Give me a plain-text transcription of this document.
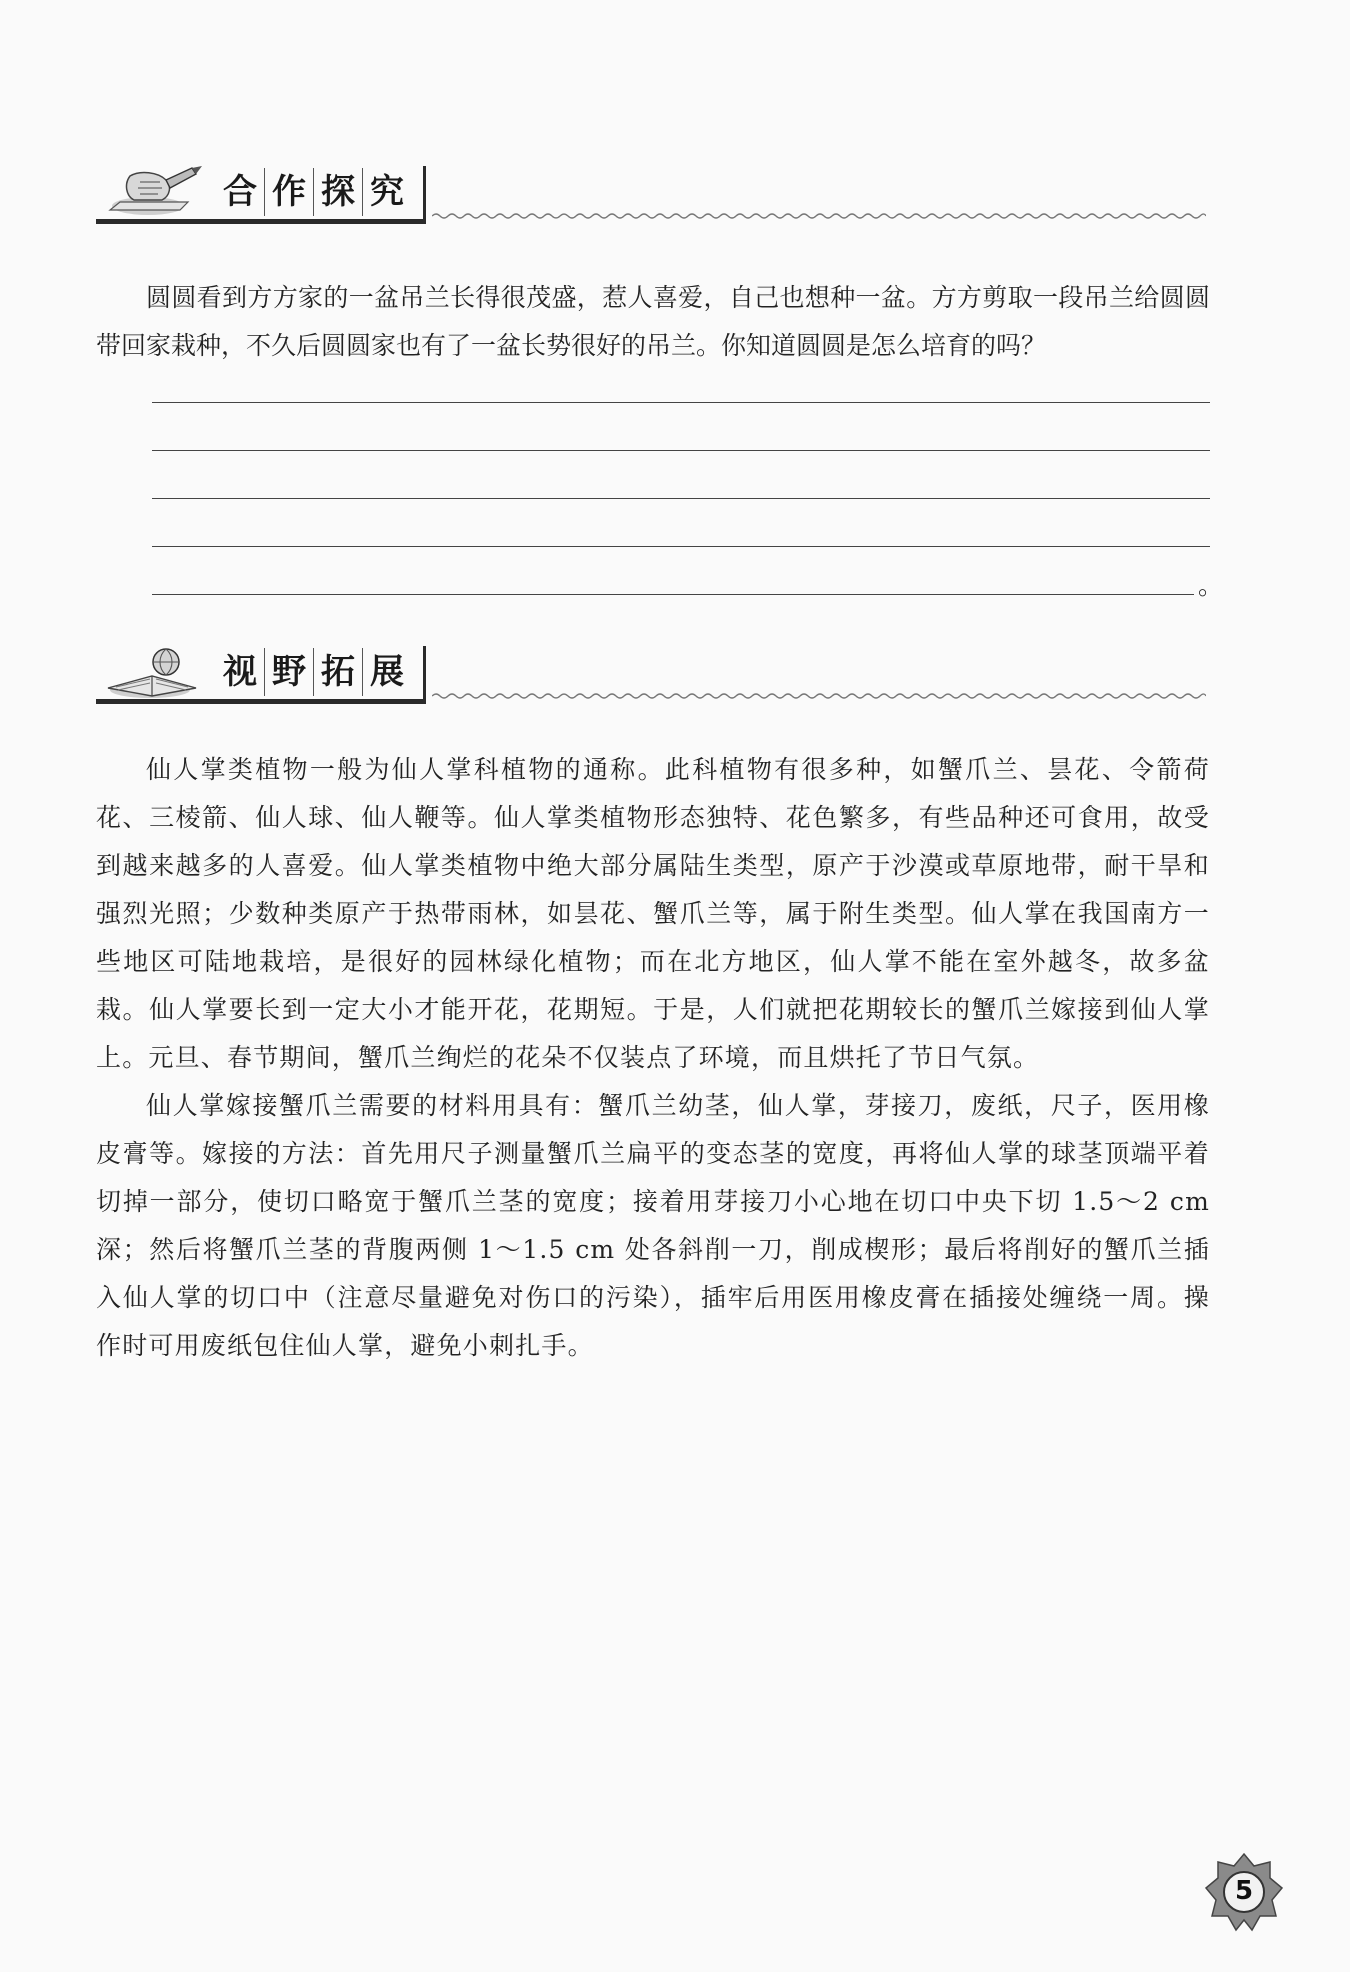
合 作 探 究

圆圆看到方方家的一盆吊兰长得很茂盛，惹人喜爱，自己也想种一盆。方方剪取一段吊兰给圆圆带回家栽种，不久后圆圆家也有了一盆长势很好的吊兰。你知道圆圆是怎么培育的吗？

。
视 野 拓 展

仙人掌类植物一般为仙人掌科植物的通称。此科植物有很多种，如蟹爪兰、昙花、令箭荷花、三棱箭、仙人球、仙人鞭等。仙人掌类植物形态独特、花色繁多，有些品种还可食用，故受到越来越多的人喜爱。仙人掌类植物中绝大部分属陆生类型，原产于沙漠或草原地带，耐干旱和强烈光照；少数种类原产于热带雨林，如昙花、蟹爪兰等，属于附生类型。仙人掌在我国南方一些地区可陆地栽培，是很好的园林绿化植物；而在北方地区，仙人掌不能在室外越冬，故多盆栽。仙人掌要长到一定大小才能开花，花期短。于是，人们就把花期较长的蟹爪兰嫁接到仙人掌上。元旦、春节期间，蟹爪兰绚烂的花朵不仅装点了环境，而且烘托了节日气氛。

仙人掌嫁接蟹爪兰需要的材料用具有：蟹爪兰幼茎，仙人掌，芽接刀，废纸，尺子，医用橡皮膏等。嫁接的方法：首先用尺子测量蟹爪兰扁平的变态茎的宽度，再将仙人掌的球茎顶端平着切掉一部分，使切口略宽于蟹爪兰茎的宽度；接着用芽接刀小心地在切口中央下切 1.5～2 cm 深；然后将蟹爪兰茎的背腹两侧 1～1.5 cm 处各斜削一刀，削成楔形；最后将削好的蟹爪兰插入仙人掌的切口中（注意尽量避免对伤口的污染），插牢后用医用橡皮膏在插接处缠绕一周。操作时可用废纸包住仙人掌，避免小刺扎手。

5
